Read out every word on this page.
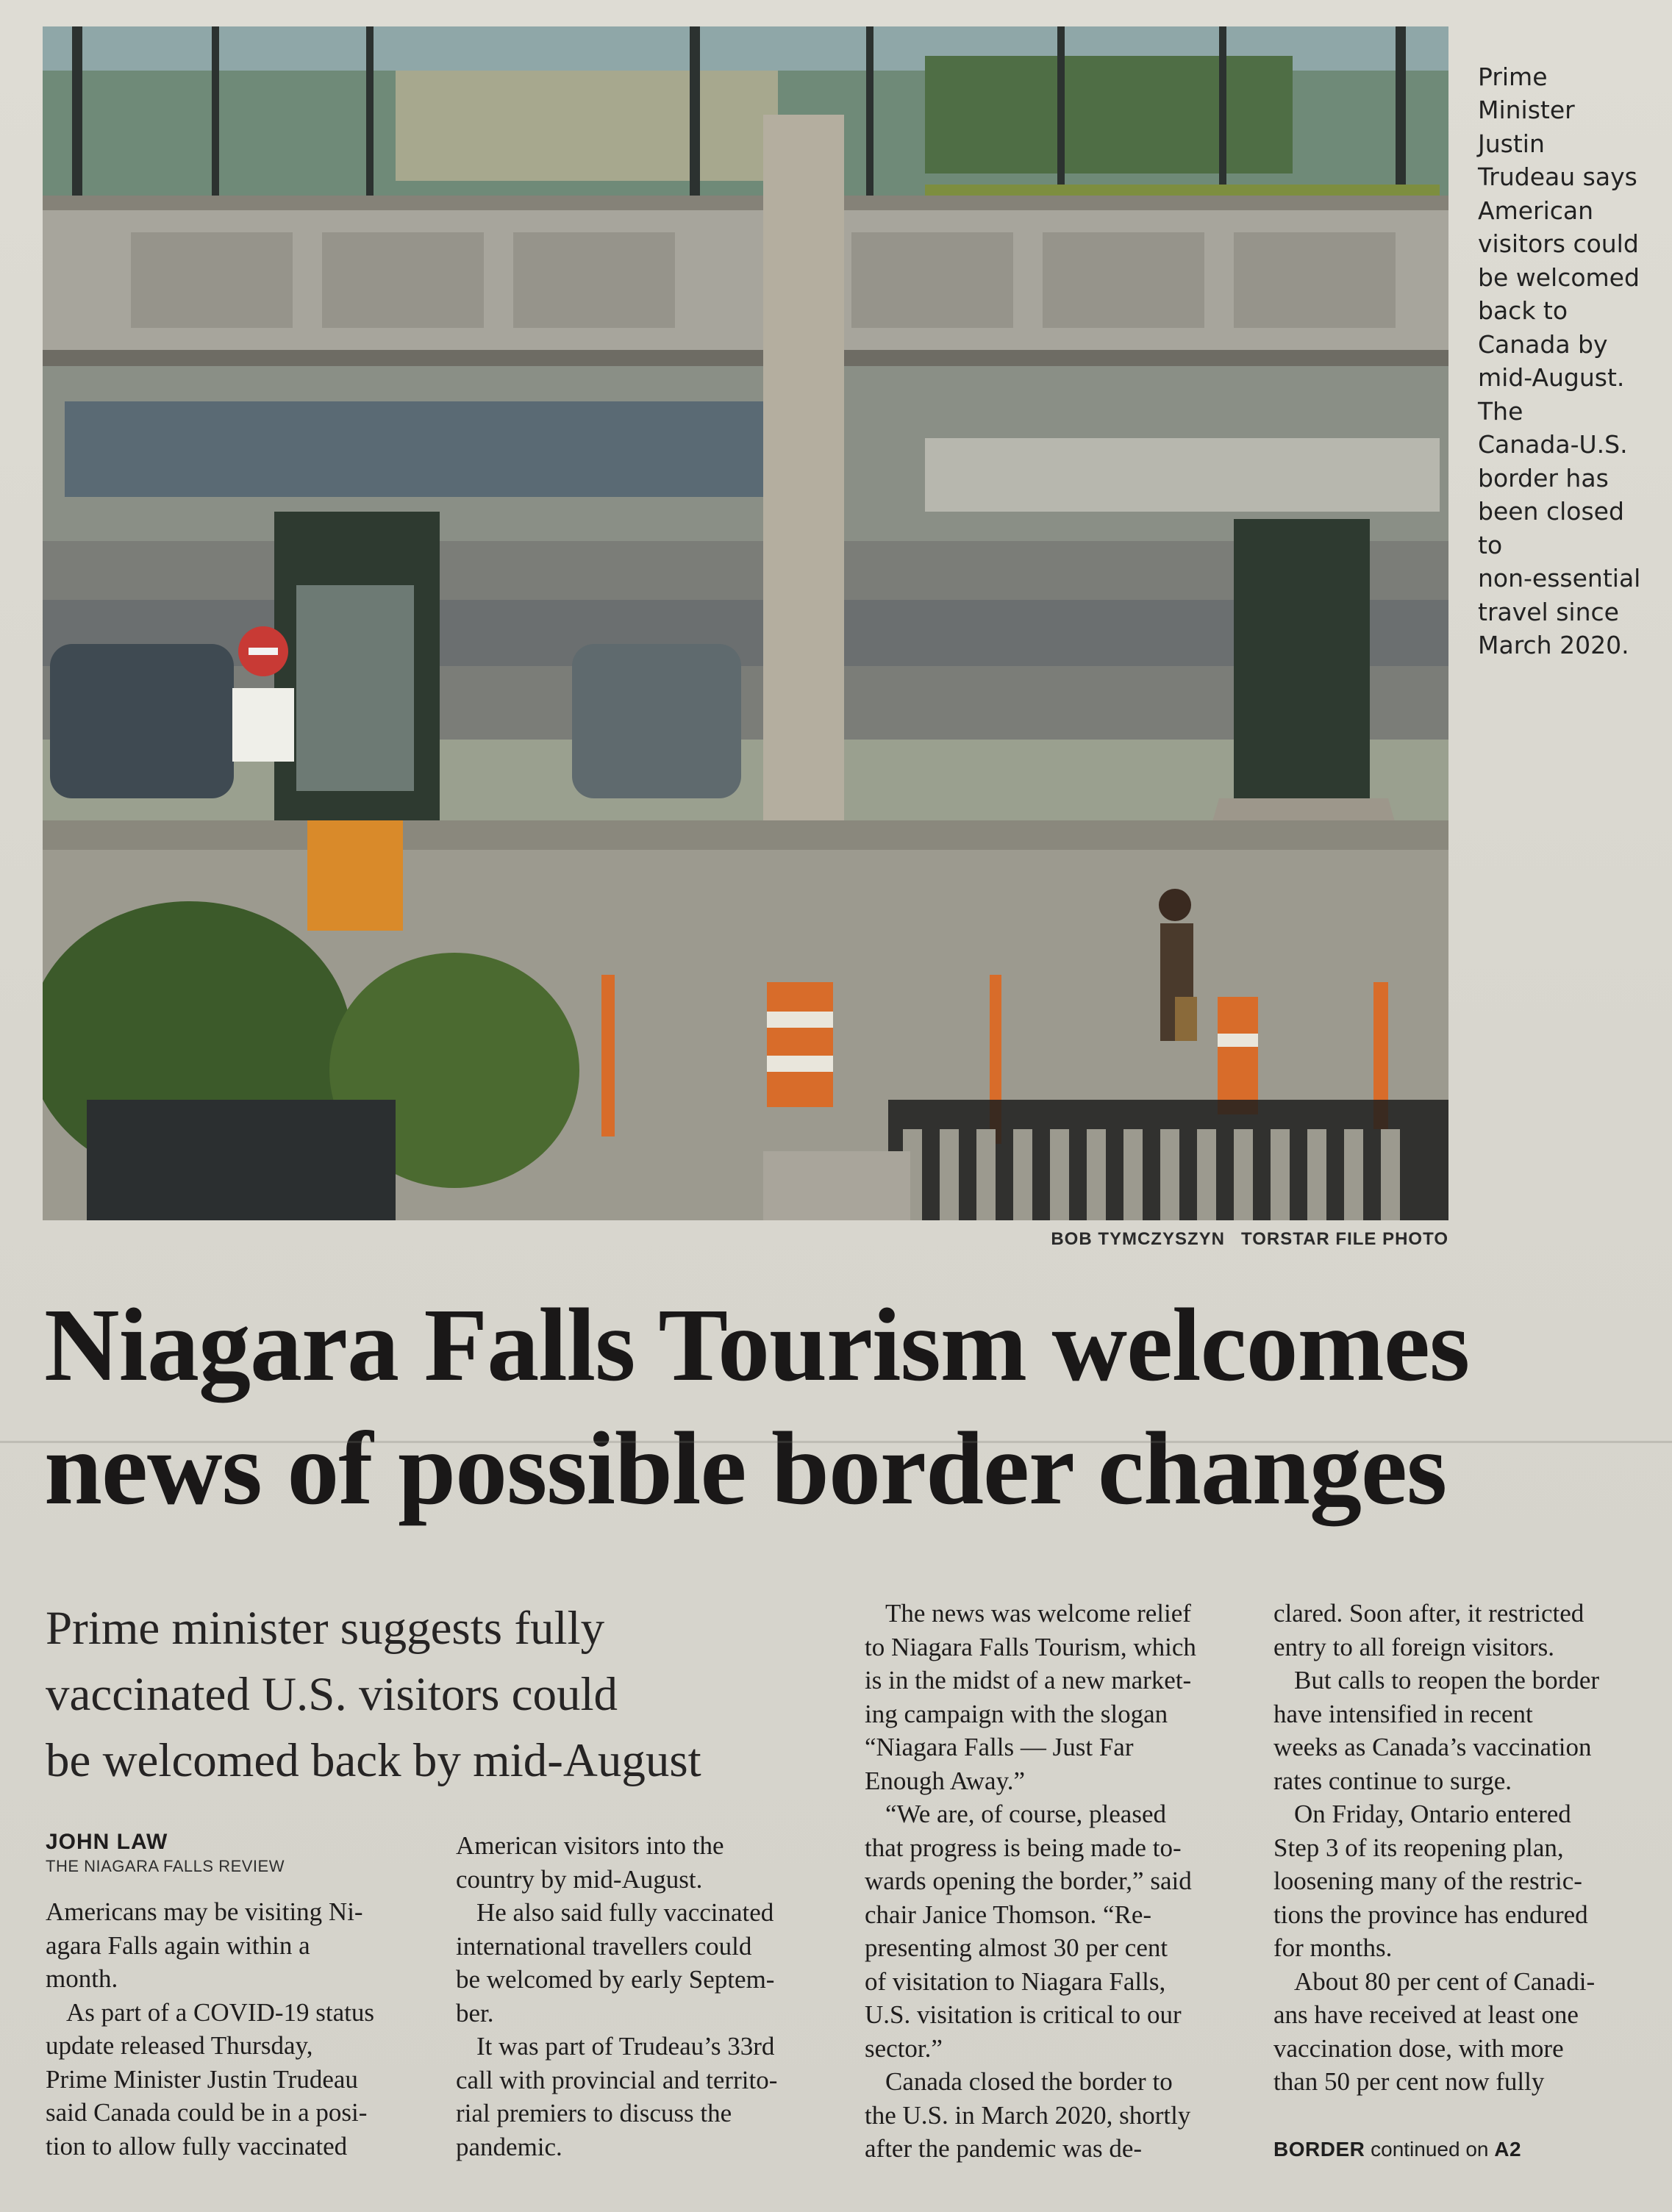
BOB TYMCZYSZYN TORSTAR FILE PHOTO

Prime
Minister
Justin
Trudeau says
American
visitors could
be welcomed
back to
Canada by
mid-August.
The
Canada-U.S.
border has
been closed
to
non-essential
travel since
March 2020.

Niagara Falls Tourism welcomes
news of possible border changes
Prime minister suggests fully
vaccinated U.S. visitors could
be welcomed back by mid-August
JOHN LAW
THE NIAGARA FALLS REVIEW

Americans may be visiting Ni-
agara Falls again within a
month.

As part of a COVID-19 status
update released Thursday,
Prime Minister Justin Trudeau
said Canada could be in a posi-
tion to allow fully vaccinated

American visitors into the
country by mid-August.

He also said fully vaccinated
international travellers could
be welcomed by early Septem-
ber.

It was part of Trudeau’s 33rd
call with provincial and territo-
rial premiers to discuss the
pandemic.

The news was welcome relief
to Niagara Falls Tourism, which
is in the midst of a new market-
ing campaign with the slogan
“Niagara Falls — Just Far
Enough Away.”

“We are, of course, pleased
that progress is being made to-
wards opening the border,” said
chair Janice Thomson. “Re-
presenting almost 30 per cent
of visitation to Niagara Falls,
U.S. visitation is critical to our
sector.”

Canada closed the border to
the U.S. in March 2020, shortly
after the pandemic was de-

clared. Soon after, it restricted
entry to all foreign visitors.

But calls to reopen the border
have intensified in recent
weeks as Canada’s vaccination
rates continue to surge.

On Friday, Ontario entered
Step 3 of its reopening plan,
loosening many of the restric-
tions the province has endured
for months.

About 80 per cent of Canadi-
ans have received at least one
vaccination dose, with more
than 50 per cent now fully

BORDER continued on A2
